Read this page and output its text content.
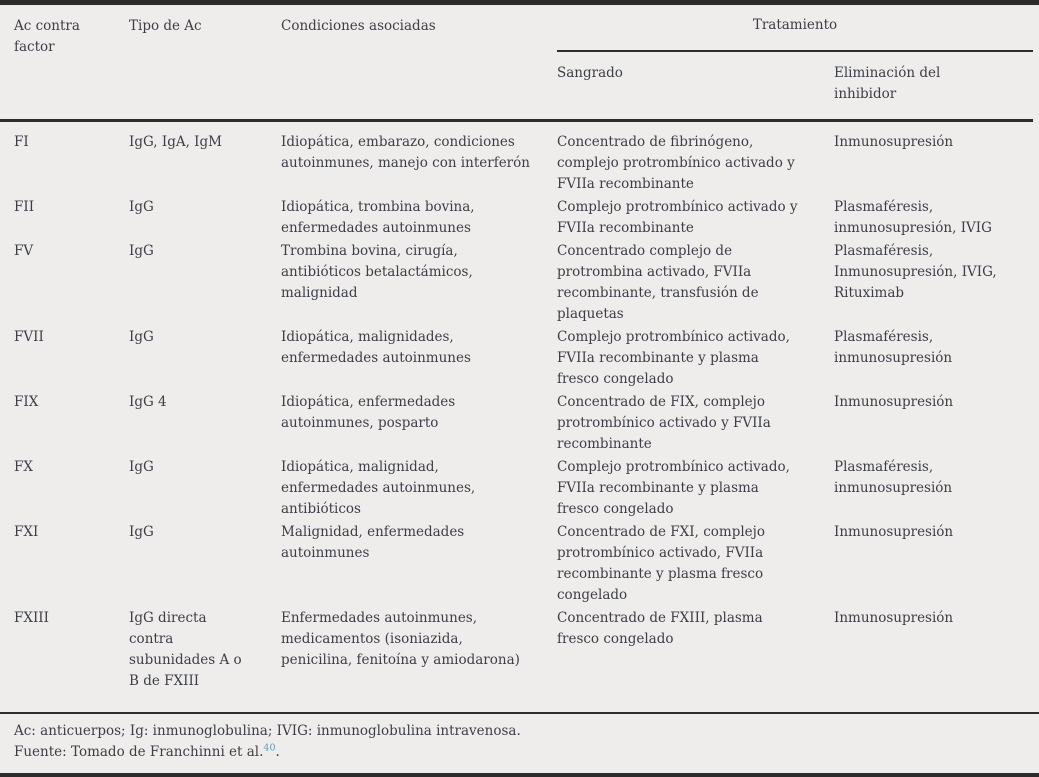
Ac contra factor	Tipo de Ac	Condiciones asociadas	Tratamiento	
			Sangrado	Eliminación del inhibidor
FI	IgG, IgA, IgM	Idiopática, embarazo, condiciones autoinmunes, manejo con interferón	Concentrado de fibrinógeno, complejo protrombínico activado y FVIIa recombinante	Inmunosupresión
FII	IgG	Idiopática, trombina bovina, enfermedades autoinmunes	Complejo protrombínico activado y FVIIa recombinante	Plasmaféresis, inmunosupresión, IVIG
FV	IgG	Trombina bovina, cirugía, antibióticos betalactámicos, malignidad	Concentrado complejo de protrombina activado, FVIIa recombinante, transfusión de plaquetas	Plasmaféresis, Inmunosupresión, IVIG, Rituximab
FVII	IgG	Idiopática, malignidades, enfermedades autoinmunes	Complejo protrombínico activado, FVIIa recombinante y plasma fresco congelado	Plasmaféresis, inmunosupresión
FIX	IgG 4	Idiopática, enfermedades autoinmunes, posparto	Concentrado de FIX, complejo protrombínico activado y FVIIa recombinante	Inmunosupresión
FX	IgG	Idiopática, malignidad, enfermedades autoinmunes, antibióticos	Complejo protrombínico activado, FVIIa recombinante y plasma fresco congelado	Plasmaféresis, inmunosupresión
FXI	IgG	Malignidad, enfermedades autoinmunes	Concentrado de FXI, complejo protrombínico activado, FVIIa recombinante y plasma fresco congelado	Inmunosupresión
FXIII	IgG directa contra subunidades A o B de FXIII	Enfermedades autoinmunes, medicamentos (isoniazida, penicilina, fenitoína y amiodarona)	Concentrado de FXIII, plasma fresco congelado	Inmunosupresión

Ac: anticuerpos; Ig: inmunoglobulina; IVIG: inmunoglobulina intravenosa.

Fuente: Tomado de Franchinni et al.$^{40}$.
